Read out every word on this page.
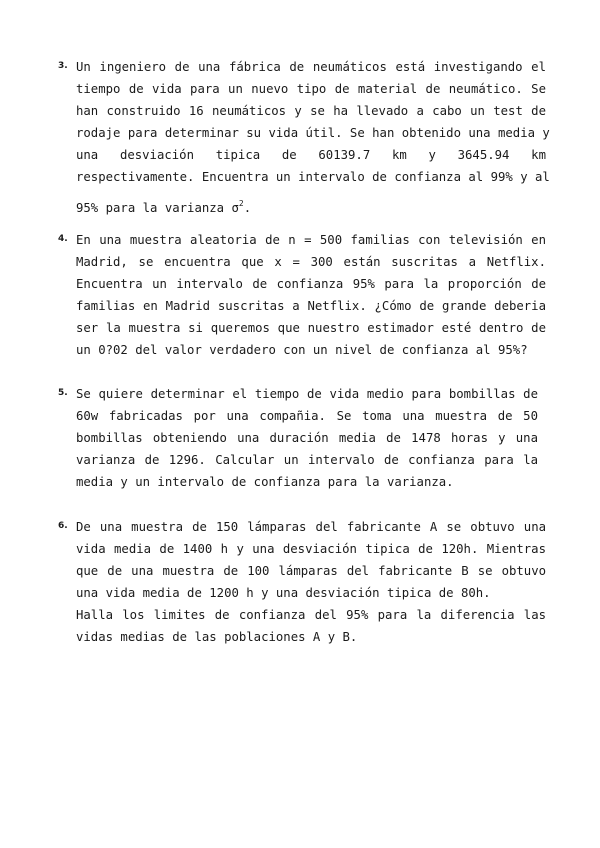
3. Un ingeniero de una fábrica de neumáticos está investigando el
tiempo de vida para un nuevo tipo de material de neumático. Se
han construido 16 neumáticos y se ha llevado a cabo un test de
rodaje para determinar su vida útil. Se han obtenido una media y
una desviación tipica de 60139.7 km y 3645.94 km
respectivamente. Encuentra un intervalo de confianza al 99% y al
95% para la varianza $\sigma^2$.
4. En una muestra aleatoria de n = 500 familias con televisión en
Madrid, se encuentra que x = 300 están suscritas a Netflix.
Encuentra un intervalo de confianza 95% para la proporción de
familias en Madrid suscritas a Netflix. ¿Cómo de grande deberia
ser la muestra si queremos que nuestro estimador esté dentro de
un 0?02 del valor verdadero con un nivel de confianza al 95%?
5. Se quiere determinar el tiempo de vida medio para bombillas de
60w fabricadas por una compañia. Se toma una muestra de 50
bombillas obteniendo una duración media de 1478 horas y una
varianza de 1296. Calcular un intervalo de confianza para la
media y un intervalo de confianza para la varianza.
6. De una muestra de 150 lámparas del fabricante A se obtuvo una
vida media de 1400 h y una desviación tipica de 120h. Mientras
que de una muestra de 100 lámparas del fabricante B se obtuvo
una vida media de 1200 h y una desviación tipica de 80h.
Halla los limites de confianza del 95% para la diferencia las
vidas medias de las poblaciones A y B.
